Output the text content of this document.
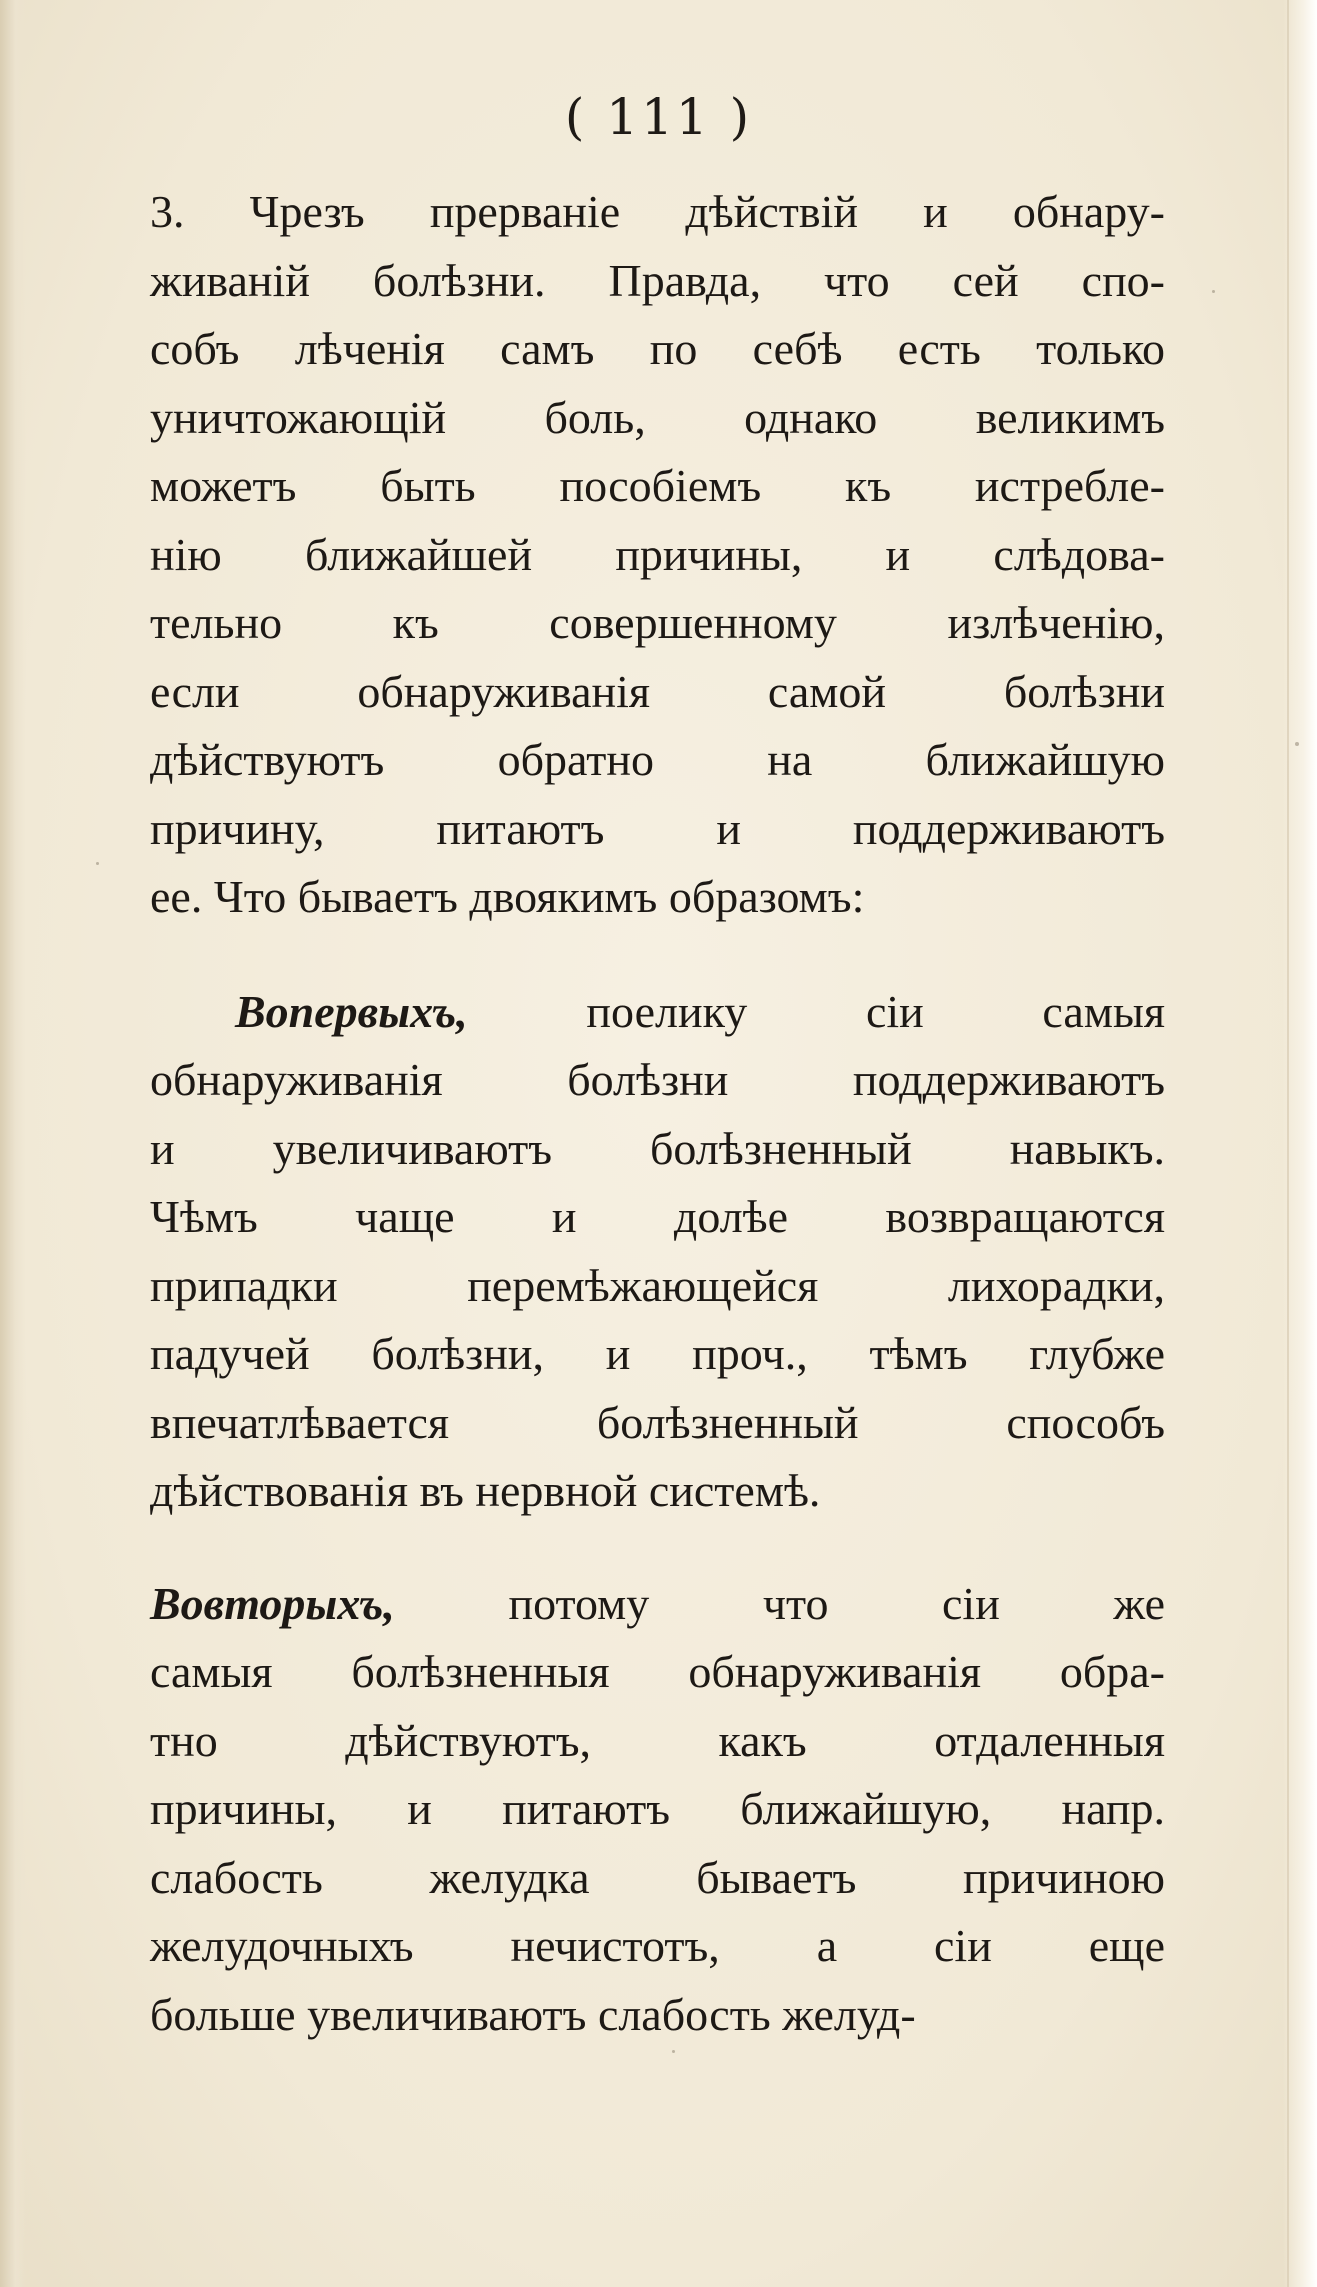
( 111 )
3. Чрезъ прерванiе дѣйствiй и обнару-
живанiй болѣзни. Правда, что сей спо-
собъ лѣченiя самъ по себѣ есть только
уничтожающiй боль, однако великимъ
можетъ быть пособiемъ къ истребле-
нiю ближайшей причины, и слѣдова-
тельно къ совершенному излѣченiю,
если обнаруживанiя самой болѣзни
дѣйствуютъ обратно на ближайшую
причину, питаютъ и поддерживаютъ
ее. Что бываетъ двоякимъ образомъ:
Вопервыхъ,	поелику сiи самыя
обнаруживанiя болѣзни поддерживаютъ
и увеличиваютъ болѣзненный навыкъ.
Чѣмъ чаще и долѣе возвращаются
припадки перемѣжающейся лихорадки,
падучей болѣзни, и проч., тѣмъ глубже
впечатлѣвается болѣзненный способъ
дѣйствованiя въ нервной системѣ.
Вовторыхъ, потому что сiи же
самыя болѣзненныя обнаруживанiя обра-
тно дѣйствуютъ, какъ отдаленныя
причины, и питаютъ ближайшую, напр.
слабость желудка бываетъ причиною
желудочныхъ нечистотъ, а сiи еще
больше увеличиваютъ слабость желуд-
